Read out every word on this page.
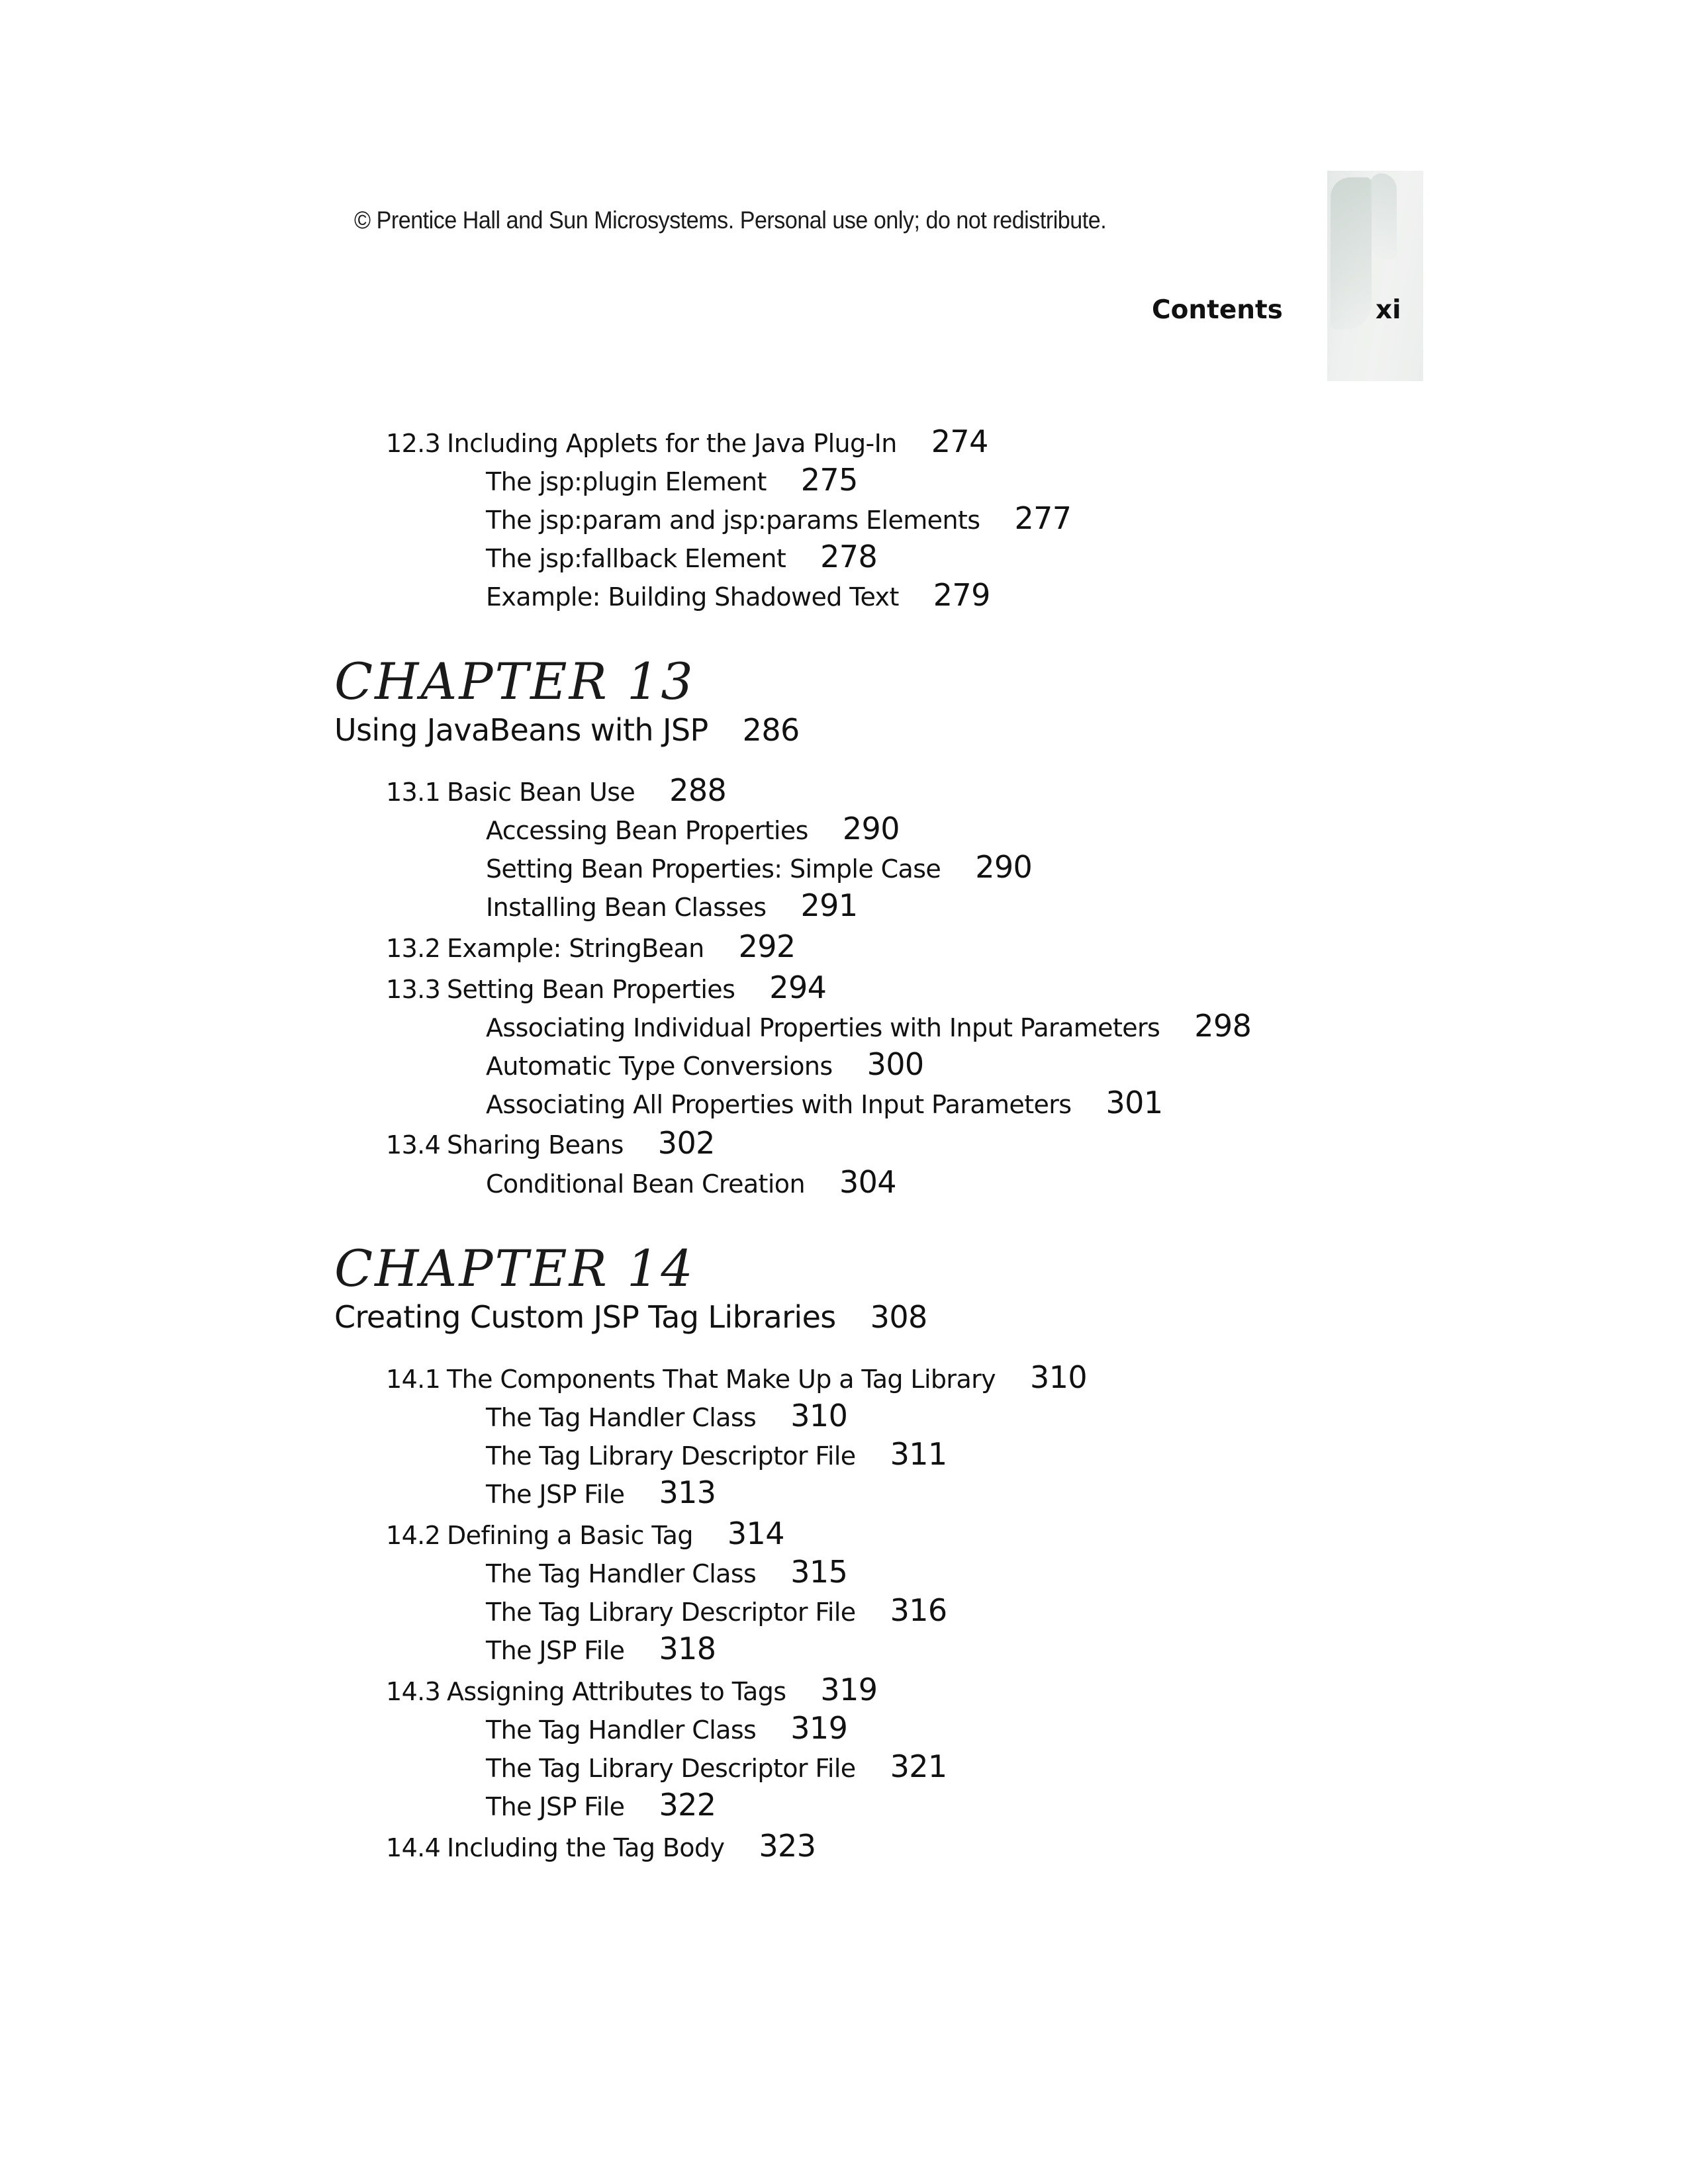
© Prentice Hall and Sun Microsystems. Personal use only; do not redistribute.
Contents	xi
12.3 Including Applets for the Java Plug-In 274
The jsp:plugin Element 275
The jsp:param and jsp:params Elements 277
The jsp:fallback Element 278
Example: Building Shadowed Text 279
CHAPTER 13
Using JavaBeans with JSP 286
13.1 Basic Bean Use 288
Accessing Bean Properties 290
Setting Bean Properties: Simple Case 290
Installing Bean Classes 291
13.2 Example: StringBean 292
13.3 Setting Bean Properties 294
Associating Individual Properties with Input Parameters 298
Automatic Type Conversions 300
Associating All Properties with Input Parameters 301
13.4 Sharing Beans 302
Conditional Bean Creation 304
CHAPTER 14
Creating Custom JSP Tag Libraries 308
14.1 The Components That Make Up a Tag Library 310
The Tag Handler Class 310
The Tag Library Descriptor File 311
The JSP File 313
14.2 Defining a Basic Tag 314
The Tag Handler Class 315
The Tag Library Descriptor File 316
The JSP File 318
14.3 Assigning Attributes to Tags 319
The Tag Handler Class 319
The Tag Library Descriptor File 321
The JSP File 322
14.4 Including the Tag Body 323
